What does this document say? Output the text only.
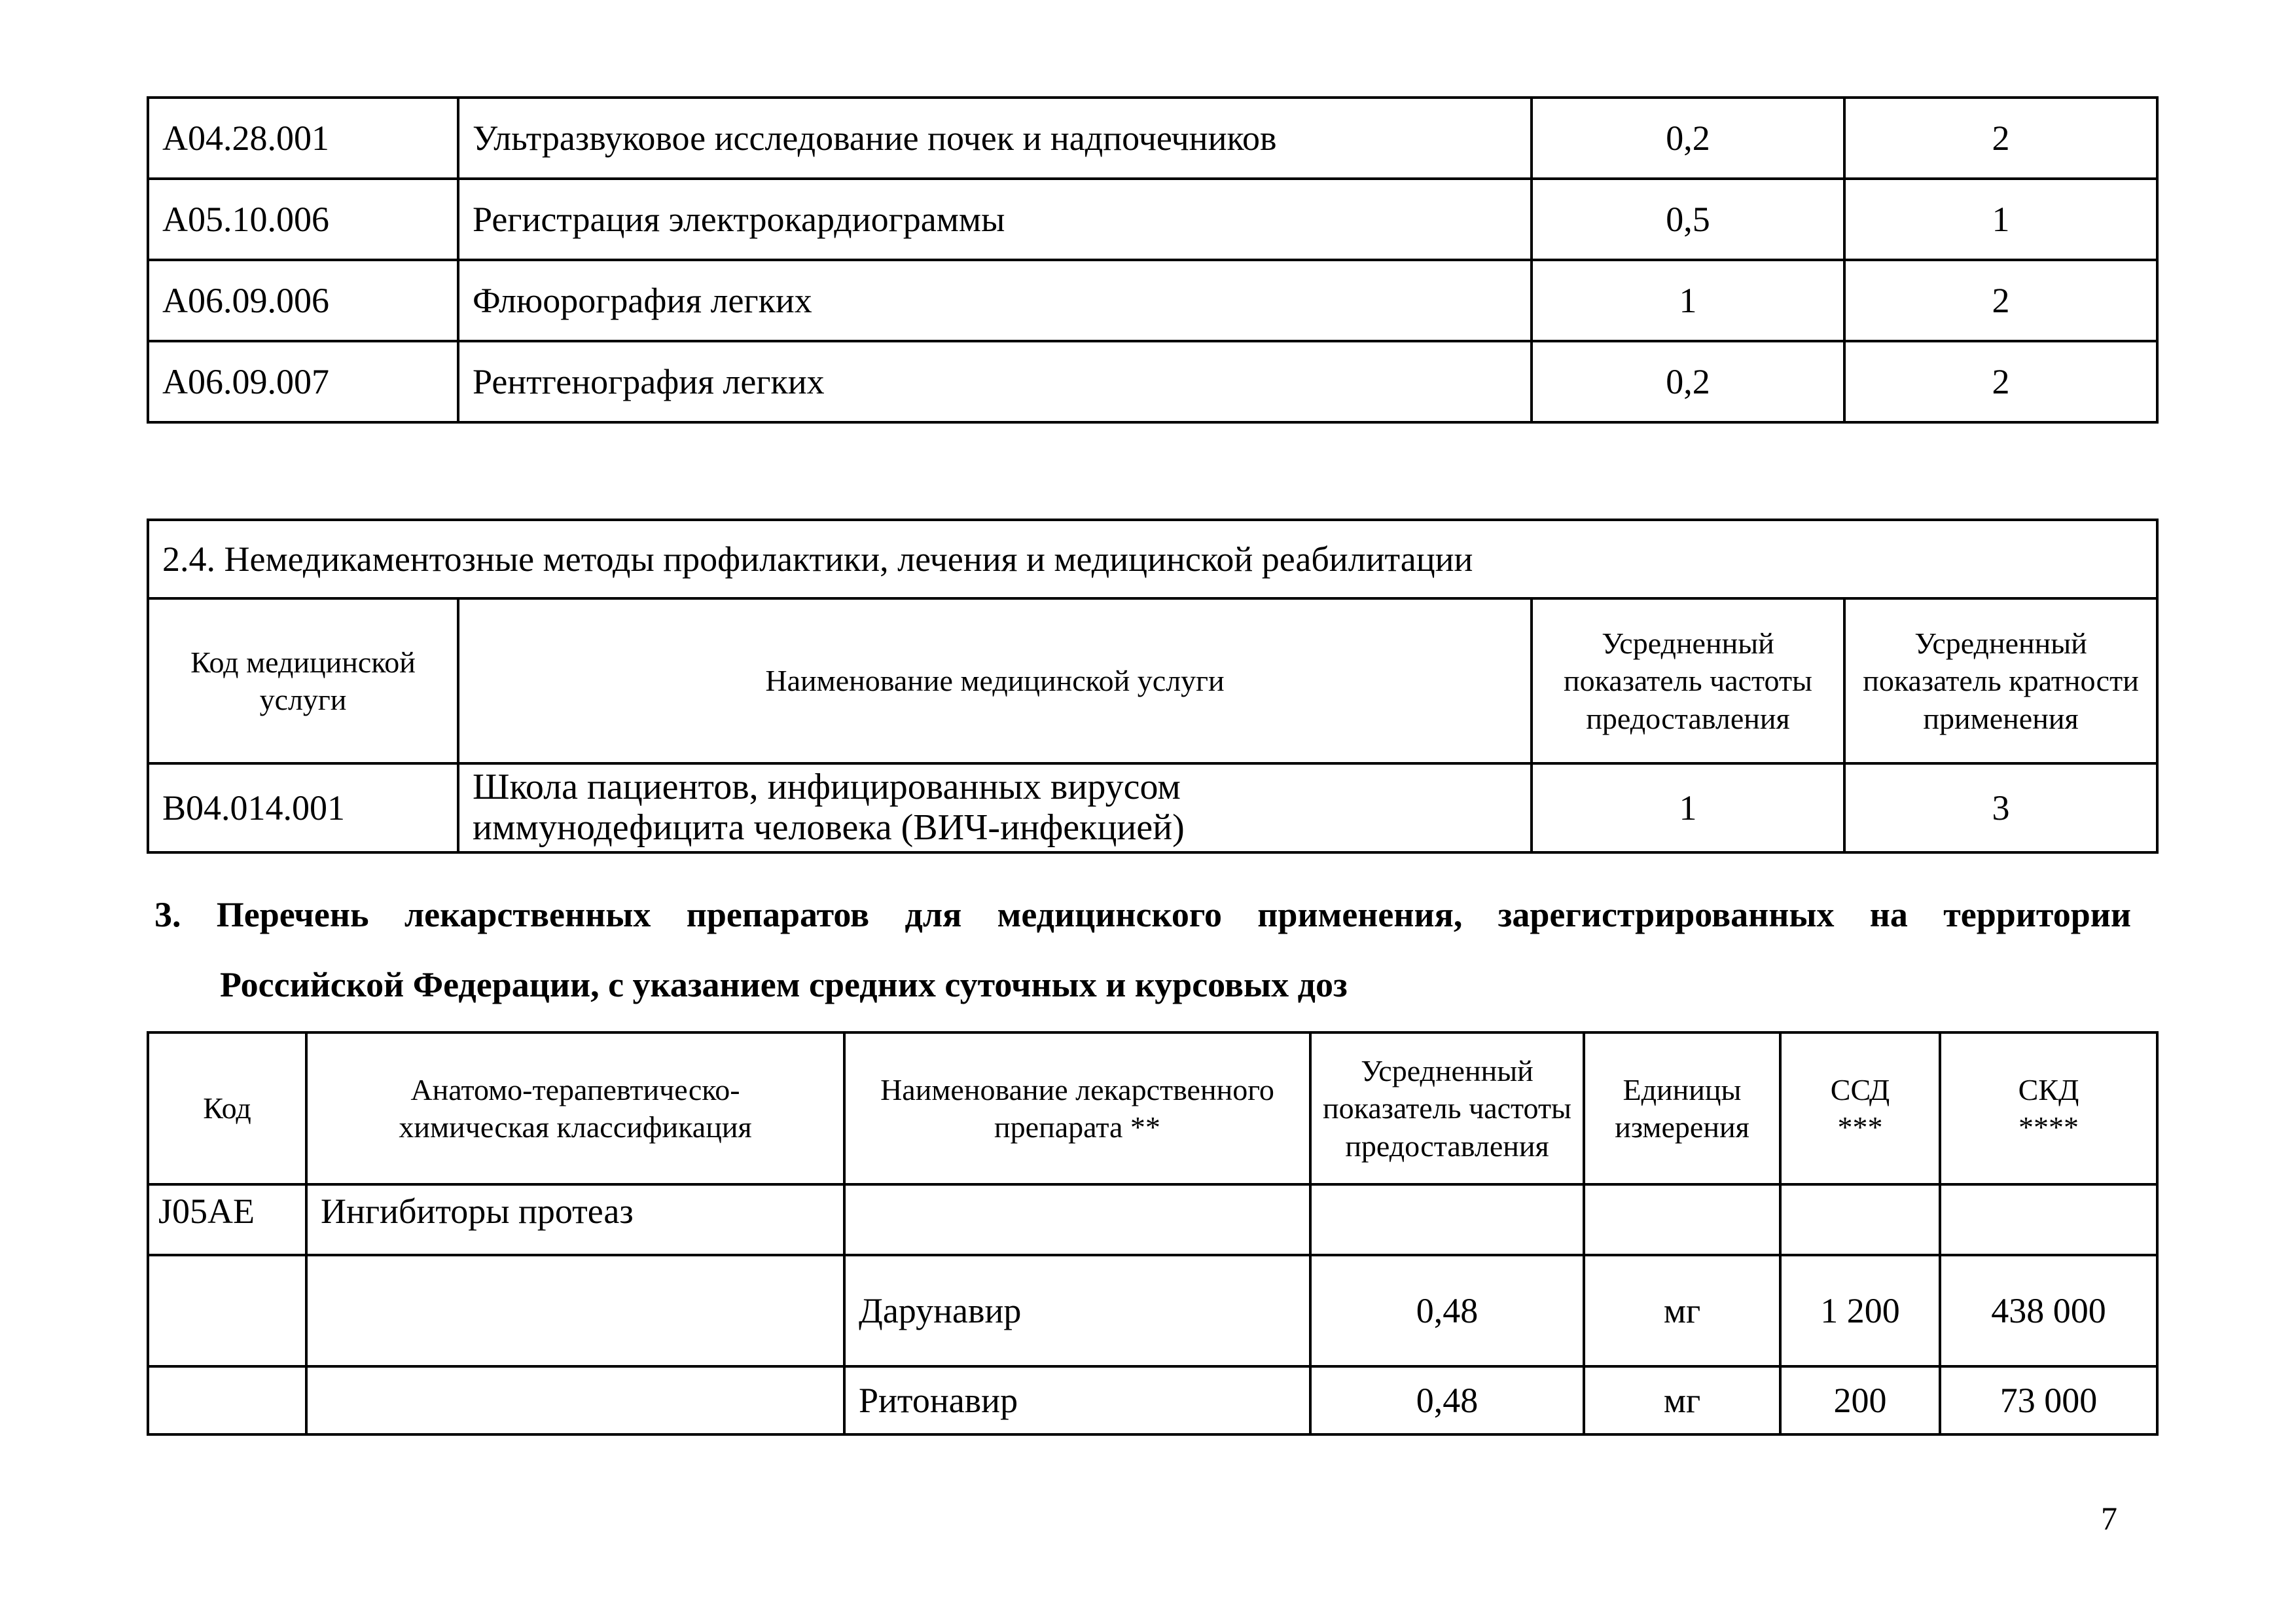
А04.28.001	Ультразвуковое исследование почек и надпочечников	0,2	2
А05.10.006	Регистрация электрокардиограммы	0,5	1
А06.09.006	Флюорография легких	1	2
А06.09.007	Рентгенография легких	0,2	2
2.4. Немедикаментозные методы профилактики, лечения и медицинской реабилитации			
Код медицинской услуги	Наименование медицинской услуги	Усредненный показатель частоты предоставления	Усредненный показатель кратности применения
В04.014.001	Школа пациентов, инфицированных вирусом
иммунодефицита человека (ВИЧ-инфекцией)	1	3
3. Перечень лекарственных препаратов для медицинского применения, зарегистрированных на территории
Российской Федерации, с указанием средних суточных и курсовых доз
Код	Анатомо-терапевтическо-химическая классификация	Наименование лекарственного препарата **	Усредненный показатель частоты предоставления	Единицы измерения	ССД ***	СКД ****
J05AE	Ингибиторы протеаз					
		Дарунавир	0,48	мг	1 200	438 000
		Ритонавир	0,48	мг	200	73 000
7
